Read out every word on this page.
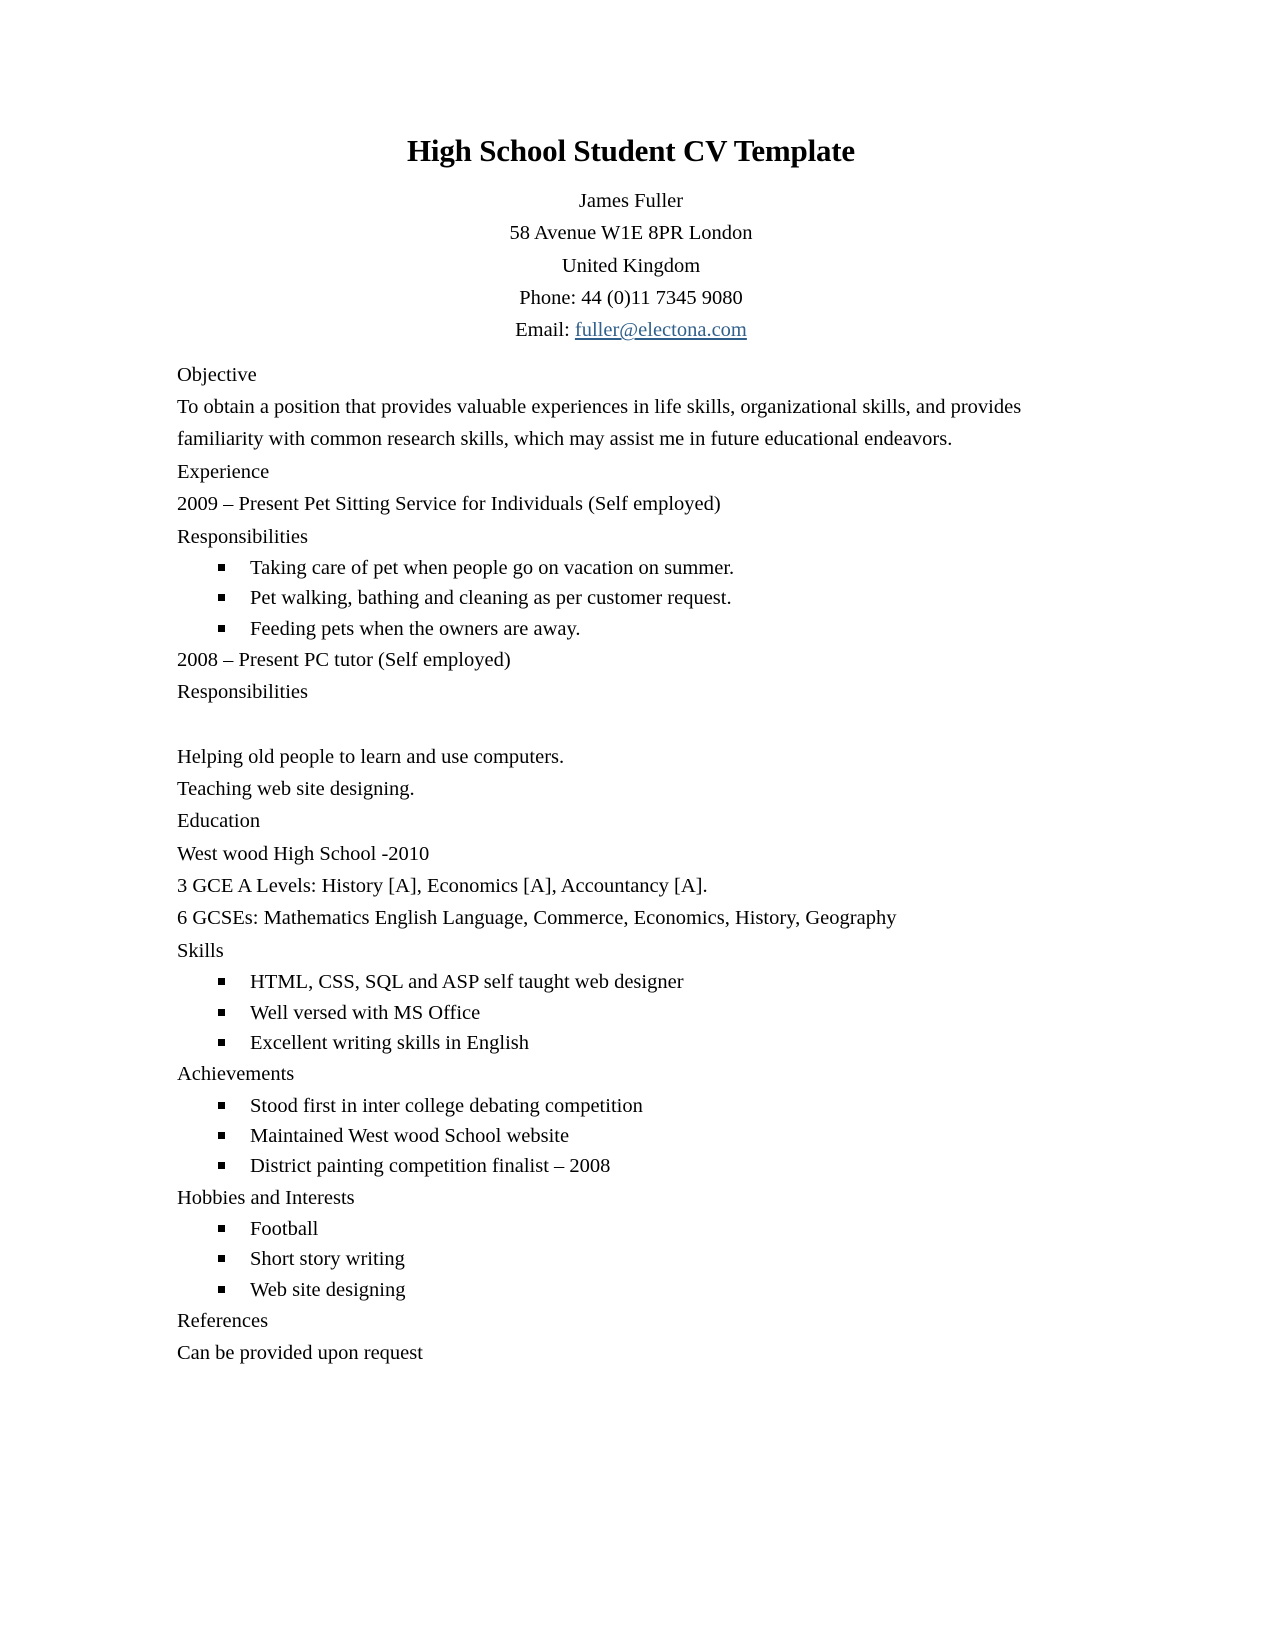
High School Student CV Template

James Fuller

58 Avenue W1E 8PR London

United Kingdom

Phone: 44 (0)11 7345 9080

Email: fuller@electona.com

Objective

To obtain a position that provides valuable experiences in life skills, organizational skills, and provides familiarity with common research skills, which may assist me in future educational endeavors.

Experience

2009 – Present Pet Sitting Service for Individuals (Self employed)

Responsibilities

Taking care of pet when people go on vacation on summer.
Pet walking, bathing and cleaning as per customer request.
Feeding pets when the owners are away.

2008 – Present PC tutor (Self employed)

Responsibilities

Helping old people to learn and use computers.

Teaching web site designing.

Education

West wood High School -2010

3 GCE A Levels: History [A], Economics [A], Accountancy [A].

6 GCSEs: Mathematics English Language, Commerce, Economics, History, Geography

Skills

HTML, CSS, SQL and ASP self taught web designer
Well versed with MS Office
Excellent writing skills in English

Achievements

Stood first in inter college debating competition
Maintained West wood School website
District painting competition finalist – 2008

Hobbies and Interests

Football
Short story writing
Web site designing

References

Can be provided upon request
